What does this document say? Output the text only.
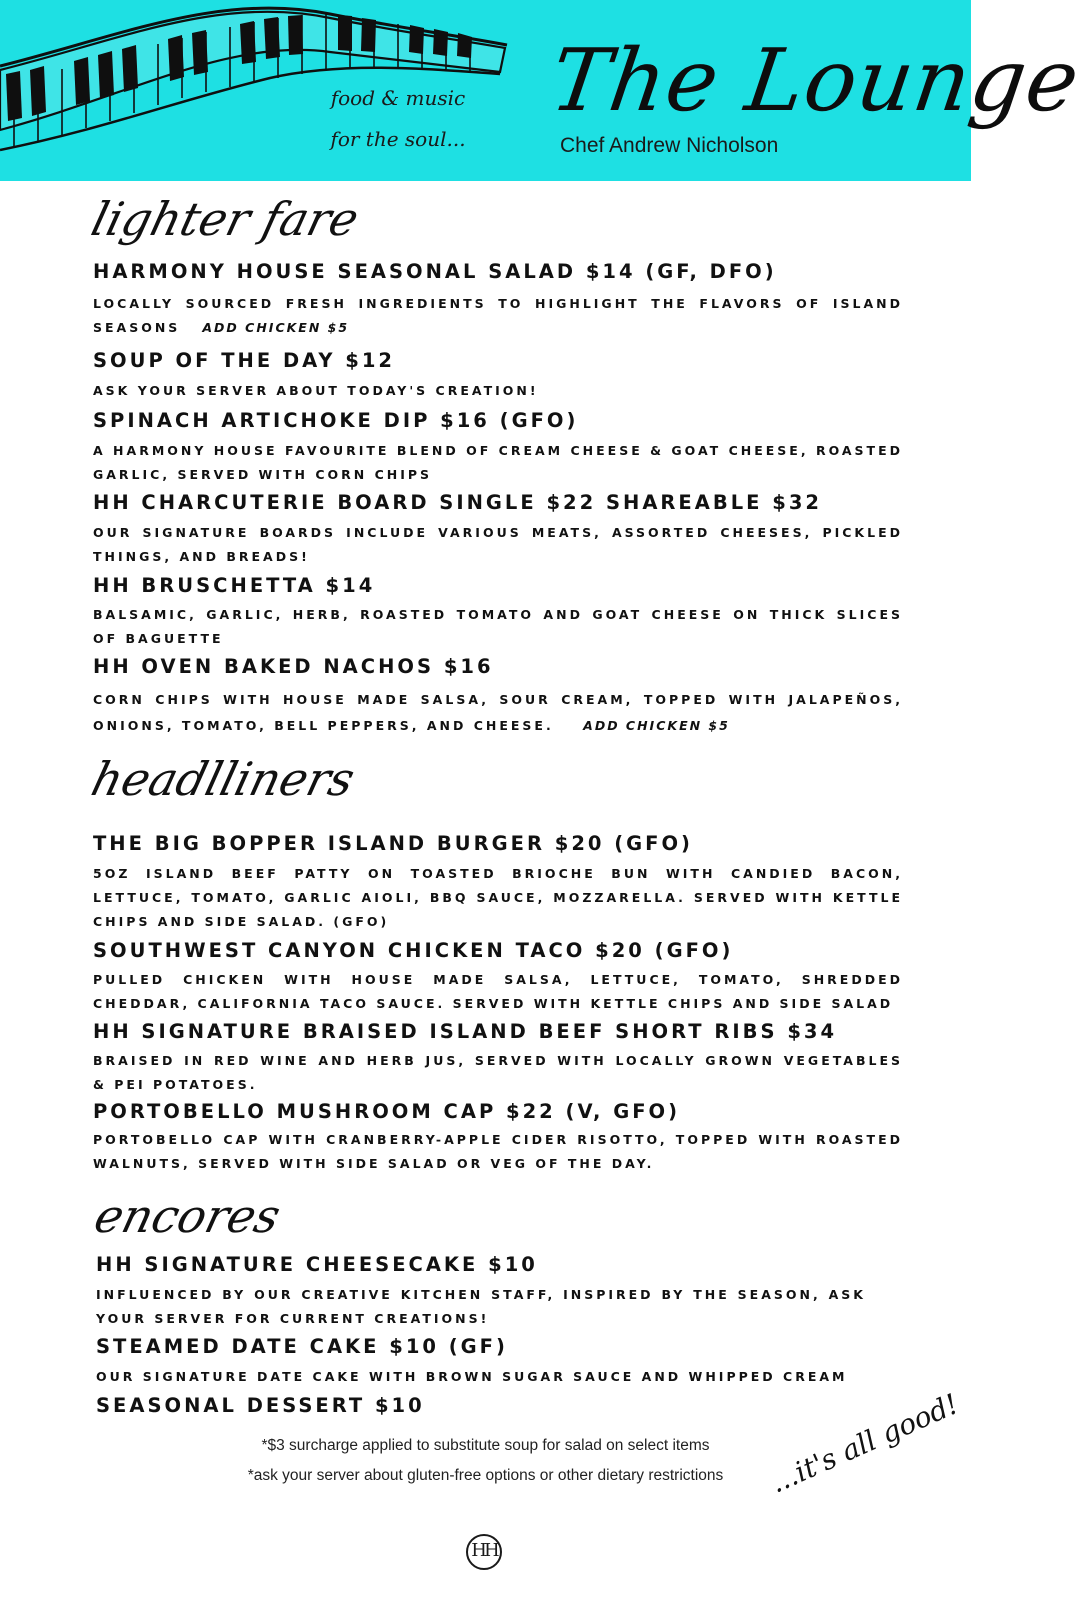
food & music
for the soul...
The Lounge
Chef Andrew Nicholson
lighter fare
HARMONY HOUSE SEASONAL SALAD $14 (GF, DFO)
LOCALLY SOURCED FRESH INGREDIENTS TO HIGHLIGHT THE FLAVORS OF ISLAND SEASONS ADD CHICKEN $5
SOUP OF THE DAY $12
ASK YOUR SERVER ABOUT TODAY'S CREATION!
SPINACH ARTICHOKE DIP $16 (GFO)
A HARMONY HOUSE FAVOURITE BLEND OF CREAM CHEESE & GOAT CHEESE, ROASTED GARLIC, SERVED WITH CORN CHIPS
HH CHARCUTERIE BOARD SINGLE $22 SHAREABLE $32
OUR SIGNATURE BOARDS INCLUDE VARIOUS MEATS, ASSORTED CHEESES, PICKLED THINGS, AND BREADS!
HH BRUSCHETTA $14
BALSAMIC, GARLIC, HERB, ROASTED TOMATO AND GOAT CHEESE ON THICK SLICES OF BAGUETTE
HH OVEN BAKED NACHOS $16
CORN CHIPS WITH HOUSE MADE SALSA, SOUR CREAM, TOPPED WITH JALAPEÑOS, ONIONS, TOMATO, BELL PEPPERS, AND CHEESE. ADD CHICKEN $5
headlliners
THE BIG BOPPER ISLAND BURGER $20 (GFO)
5OZ ISLAND BEEF PATTY ON TOASTED BRIOCHE BUN WITH CANDIED BACON, LETTUCE, TOMATO, GARLIC AIOLI, BBQ SAUCE, MOZZARELLA. SERVED WITH KETTLE CHIPS AND SIDE SALAD. (GFO)
SOUTHWEST CANYON CHICKEN TACO $20 (GFO)
PULLED CHICKEN WITH HOUSE MADE SALSA, LETTUCE, TOMATO, SHREDDED CHEDDAR, CALIFORNIA TACO SAUCE. SERVED WITH KETTLE CHIPS AND SIDE SALAD
HH SIGNATURE BRAISED ISLAND BEEF SHORT RIBS $34
BRAISED IN RED WINE AND HERB JUS, SERVED WITH LOCALLY GROWN VEGETABLES & PEI POTATOES.
PORTOBELLO MUSHROOM CAP $22 (V, GFO)
PORTOBELLO CAP WITH CRANBERRY-APPLE CIDER RISOTTO, TOPPED WITH ROASTED WALNUTS, SERVED WITH SIDE SALAD OR VEG OF THE DAY.
encores
HH SIGNATURE CHEESECAKE $10
INFLUENCED BY OUR CREATIVE KITCHEN STAFF, INSPIRED BY THE SEASON, ASK YOUR SERVER FOR CURRENT CREATIONS!
STEAMED DATE CAKE $10 (GF)
OUR SIGNATURE DATE CAKE WITH BROWN SUGAR SAUCE AND WHIPPED CREAM
SEASONAL DESSERT $10
*$3 surcharge applied to substitute soup for salad on select items
*ask your server about gluten-free options or other dietary restrictions	...it's all good!
HH
